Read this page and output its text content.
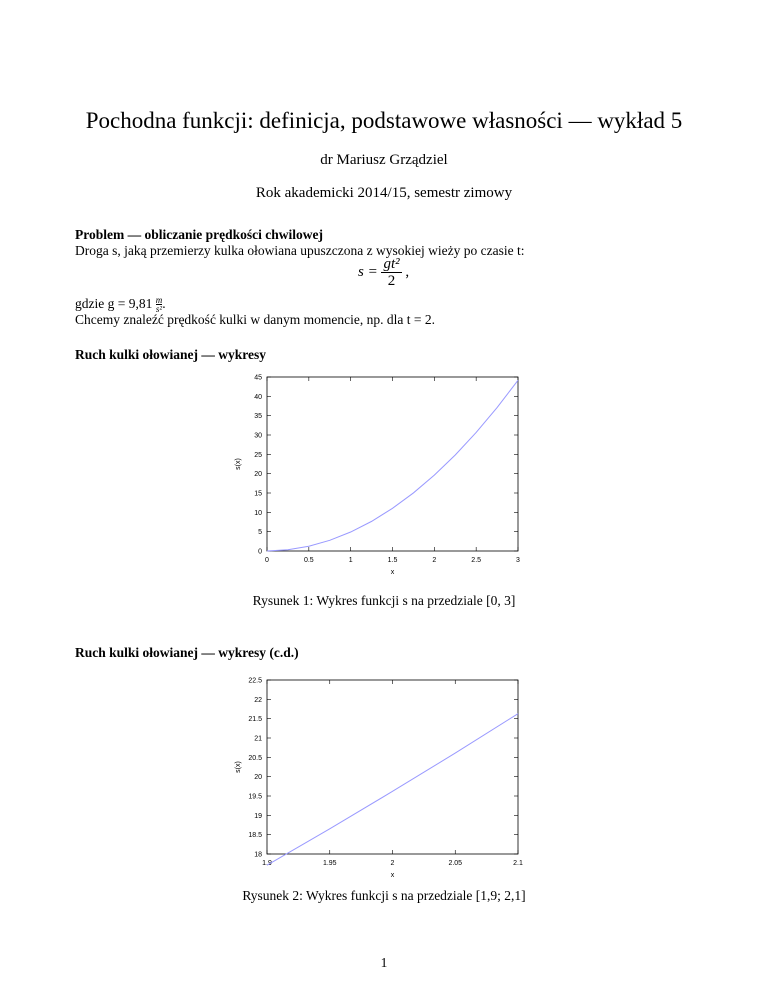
Pochodna funkcji: definicja, podstawowe własności — wykład 5
dr Mariusz Grządziel
Rok akademicki 2014/15, semestr zimowy
Problem — obliczanie prędkości chwilowej
Droga s, jaką przemierzy kulka ołowiana upuszczona z wysokiej wieży po czasie t:
$s = \frac{\text{gt²}}{2}$ ,
gdzie $g = 9,81 \frac{m}{\text{s²}}$ .
Chcemy znaleźć prędkość kulki w danym momencie, np. dla t = 2.
Ruch kulki ołowianej — wykresy
0	0.5	1	1.5	2	2.5	3
0
5
10
15
20
25
30
35
40
45
x
s(x)
Rysunek 1: Wykres funkcji s na przedziale [0, 3]
Ruch kulki ołowianej — wykresy (c.d.)
1.9	1.95	2	2.05	2.1
18
18.5
19
19.5
20
20.5
21
21.5
22
22.5
x
s(x)
Rysunek 2: Wykres funkcji s na przedziale [1,9; 2,1]
1
